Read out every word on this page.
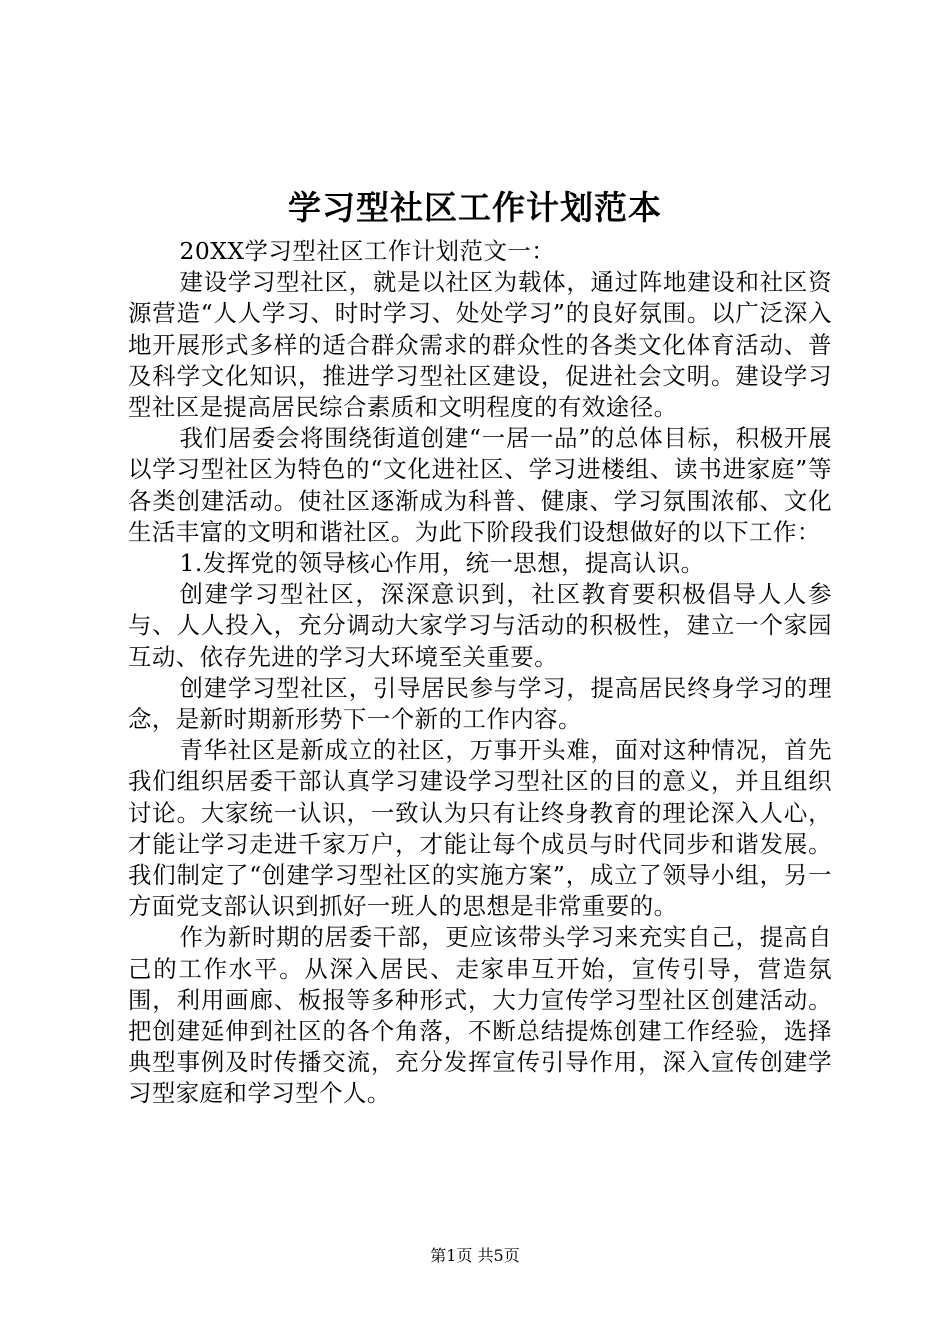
学习型社区工作计划范本

20XX学习型社区工作计划范文一：

建设学习型社区，就是以社区为载体，通过阵地建设和社区资源营造“人人学习、时时学习、处处学习”的良好氛围。以广泛深入地开展形式多样的适合群众需求的群众性的各类文化体育活动、普及科学文化知识，推进学习型社区建设，促进社会文明。建设学习型社区是提高居民综合素质和文明程度的有效途径。

我们居委会将围绕街道创建“一居一品”的总体目标，积极开展以学习型社区为特色的“文化进社区、学习进楼组、读书进家庭”等各类创建活动。使社区逐渐成为科普、健康、学习氛围浓郁、文化生活丰富的文明和谐社区。为此下阶段我们设想做好的以下工作：

1.发挥党的领导核心作用，统一思想，提高认识。

创建学习型社区，深深意识到，社区教育要积极倡导人人参与、人人投入，充分调动大家学习与活动的积极性，建立一个家园互动、依存先进的学习大环境至关重要。

创建学习型社区，引导居民参与学习，提高居民终身学习的理念，是新时期新形势下一个新的工作内容。

青华社区是新成立的社区，万事开头难，面对这种情况，首先我们组织居委干部认真学习建设学习型社区的目的意义，并且组织讨论。大家统一认识，一致认为只有让终身教育的理论深入人心，才能让学习走进千家万户，才能让每个成员与时代同步和谐发展。我们制定了“创建学习型社区的实施方案”，成立了领导小组，另一方面党支部认识到抓好一班人的思想是非常重要的。

作为新时期的居委干部，更应该带头学习来充实自己，提高自己的工作水平。从深入居民、走家串互开始，宣传引导，营造氛围，利用画廊、板报等多种形式，大力宣传学习型社区创建活动。把创建延伸到社区的各个角落，不断总结提炼创建工作经验，选择典型事例及时传播交流，充分发挥宣传引导作用，深入宣传创建学习型家庭和学习型个人。

第1页 共5页
